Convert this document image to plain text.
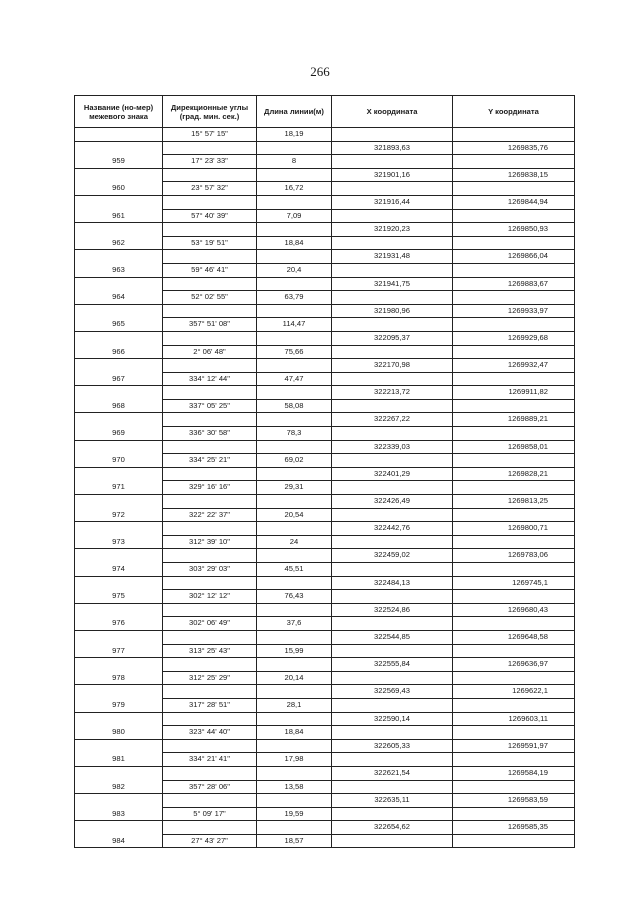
266
Название (но-мер) межевого знака	Дирекционные углы (град. мин. сек.)	Длина линии(м)	X координата	Y координата
	15° 57' 15"	18,19		
959			321893,63	1269835,76
	17° 23' 33"	8		
960			321901,16	1269838,15
	23° 57' 32"	16,72		
961			321916,44	1269844,94
	57° 40' 39"	7,09		
962			321920,23	1269850,93
	53° 19' 51"	18,84		
963			321931,48	1269866,04
	59° 46' 41"	20,4		
964			321941,75	1269883,67
	52° 02' 55"	63,79		
965			321980,96	1269933,97
	357° 51' 08"	114,47		
966			322095,37	1269929,68
	2° 06' 48"	75,66		
967			322170,98	1269932,47
	334° 12' 44"	47,47		
968			322213,72	1269911,82
	337° 05' 25"	58,08		
969			322267,22	1269889,21
	336° 30' 58"	78,3		
970			322339,03	1269858,01
	334° 25' 21"	69,02		
971			322401,29	1269828,21
	329° 16' 16"	29,31		
972			322426,49	1269813,25
	322° 22' 37"	20,54		
973			322442,76	1269800,71
	312° 39' 10"	24		
974			322459,02	1269783,06
	303° 29' 03"	45,51		
975			322484,13	1269745,1
	302° 12' 12"	76,43		
976			322524,86	1269680,43
	302° 06' 49"	37,6		
977			322544,85	1269648,58
	313° 25' 43"	15,99		
978			322555,84	1269636,97
	312° 25' 29"	20,14		
979			322569,43	1269622,1
	317° 28' 51"	28,1		
980			322590,14	1269603,11
	323° 44' 40"	18,84		
981			322605,33	1269591,97
	334° 21' 41"	17,98		
982			322621,54	1269584,19
	357° 28' 06"	13,58		
983			322635,11	1269583,59
	5° 09' 17"	19,59		
984			322654,62	1269585,35
	27° 43' 27"	18,57		
